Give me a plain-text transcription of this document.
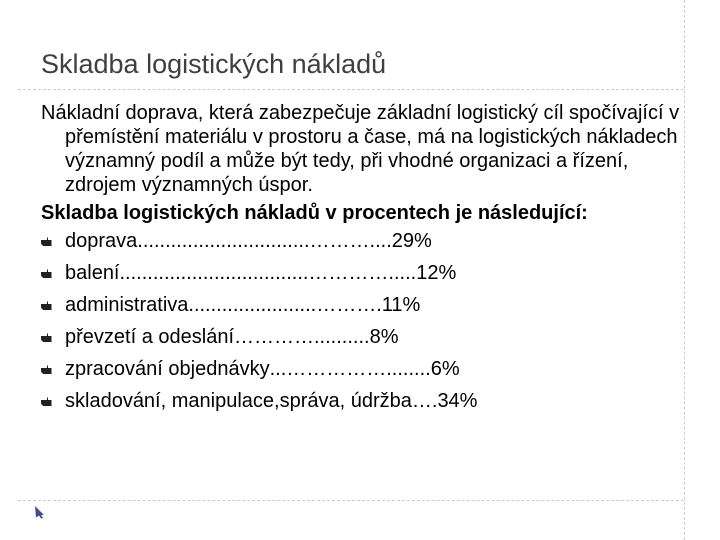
Skladba logistických nákladů

Nákladní doprava, která zabezpečuje základní logistický cíl spočívající v přemístění materiálu v prostoru a čase, má na logistických nákladech významný podíl a může být tedy, při vhodné organizaci a řízení, zdrojem významných úspor.

Skladba logistických nákladů v procentech je následující:

doprava...............................………....29%
balení..................................………….....12%
administrativa.......................……….11%
převzetí a odeslání…………..........8%
zpracování objednávky...……………........6%
skladování, manipulace,správa, údržba….34%
